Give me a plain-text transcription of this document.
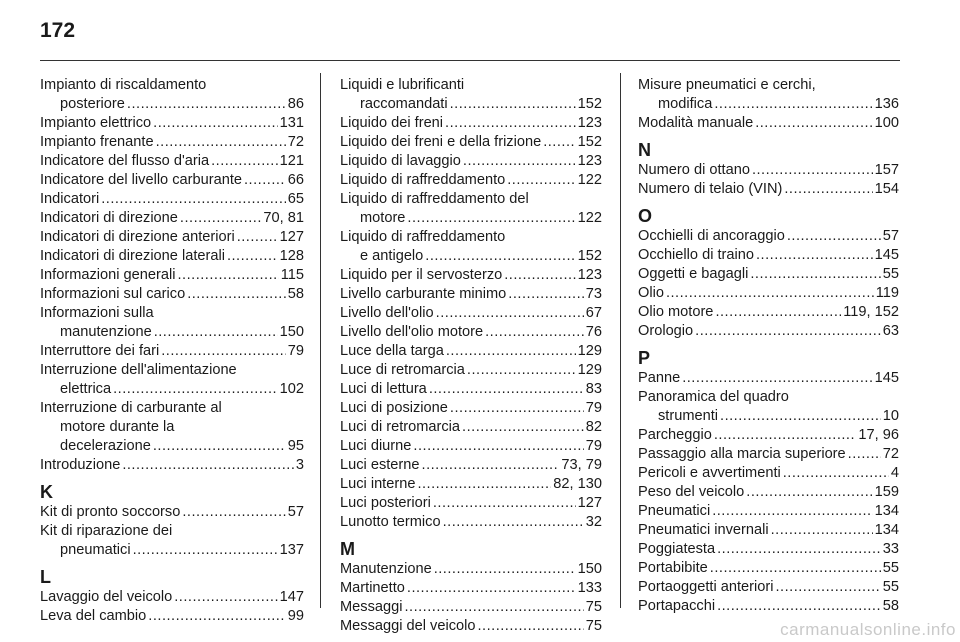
172
Impianto di riscaldamento
posteriore .....	86
Impianto elettrico .....	131
Impianto frenante .....	72
Indicatore del flusso d'aria .....	121
Indicatore del livello carburante .....	66
Indicatori .....	65
Indicatori di direzione .....	70, 81
Indicatori di direzione anteriori .....	127
Indicatori di direzione laterali .....	128
Informazioni generali .....	115
Informazioni sul carico .....	58
Informazioni sulla
manutenzione .....	150
Interruttore dei fari .....	79
Interruzione dell'alimentazione
elettrica .....	102
Interruzione di carburante al
motore durante la
decelerazione .....	95
Introduzione .....	3
K
Kit di pronto soccorso .....	57
Kit di riparazione dei
pneumatici .....	137
L
Lavaggio del veicolo .....	147
Leva del cambio .....	99
Liquidi e lubrificanti
raccomandati .....	152
Liquido dei freni .....	123
Liquido dei freni e della frizione ..... 152
Liquido di lavaggio .....	123
Liquido di raffreddamento .....	122
Liquido di raffreddamento del
motore .....	122
Liquido di raffreddamento
e antigelo .....	152
Liquido per il servosterzo .....	123
Livello carburante minimo .....	73
Livello dell'olio .....	67
Livello dell'olio motore .....	76
Luce della targa .....	129
Luce di retromarcia .....	129
Luci di lettura .....	83
Luci di posizione .....	79
Luci di retromarcia .....	82
Luci diurne .....	79
Luci esterne .....	73, 79
Luci interne .....	82, 130
Luci posteriori .....	127
Lunotto termico .....	32
M
Manutenzione .....	150
Martinetto .....	133
Messaggi .....	75
Messaggi del veicolo .....	75
Misure pneumatici e cerchi,
modifica .....	136
Modalità manuale .....	100
N
Numero di ottano .....	157
Numero di telaio (VIN) .....	154
O
Occhielli di ancoraggio .....	57
Occhiello di traino .....	145
Oggetti e bagagli .....	55
Olio .....	119
Olio motore .....	119, 152
Orologio .....	63
P
Panne .....	145
Panoramica del quadro
strumenti .....	10
Parcheggio .....	17, 96
Passaggio alla marcia superiore .....	72
Pericoli e avvertimenti .....	4
Peso del veicolo .....	159
Pneumatici .....	134
Pneumatici invernali .....	134
Poggiatesta .....	33
Portabibite .....	55
Portaoggetti anteriori .....	55
Portapacchi .....	58
carmanualsonline.info
